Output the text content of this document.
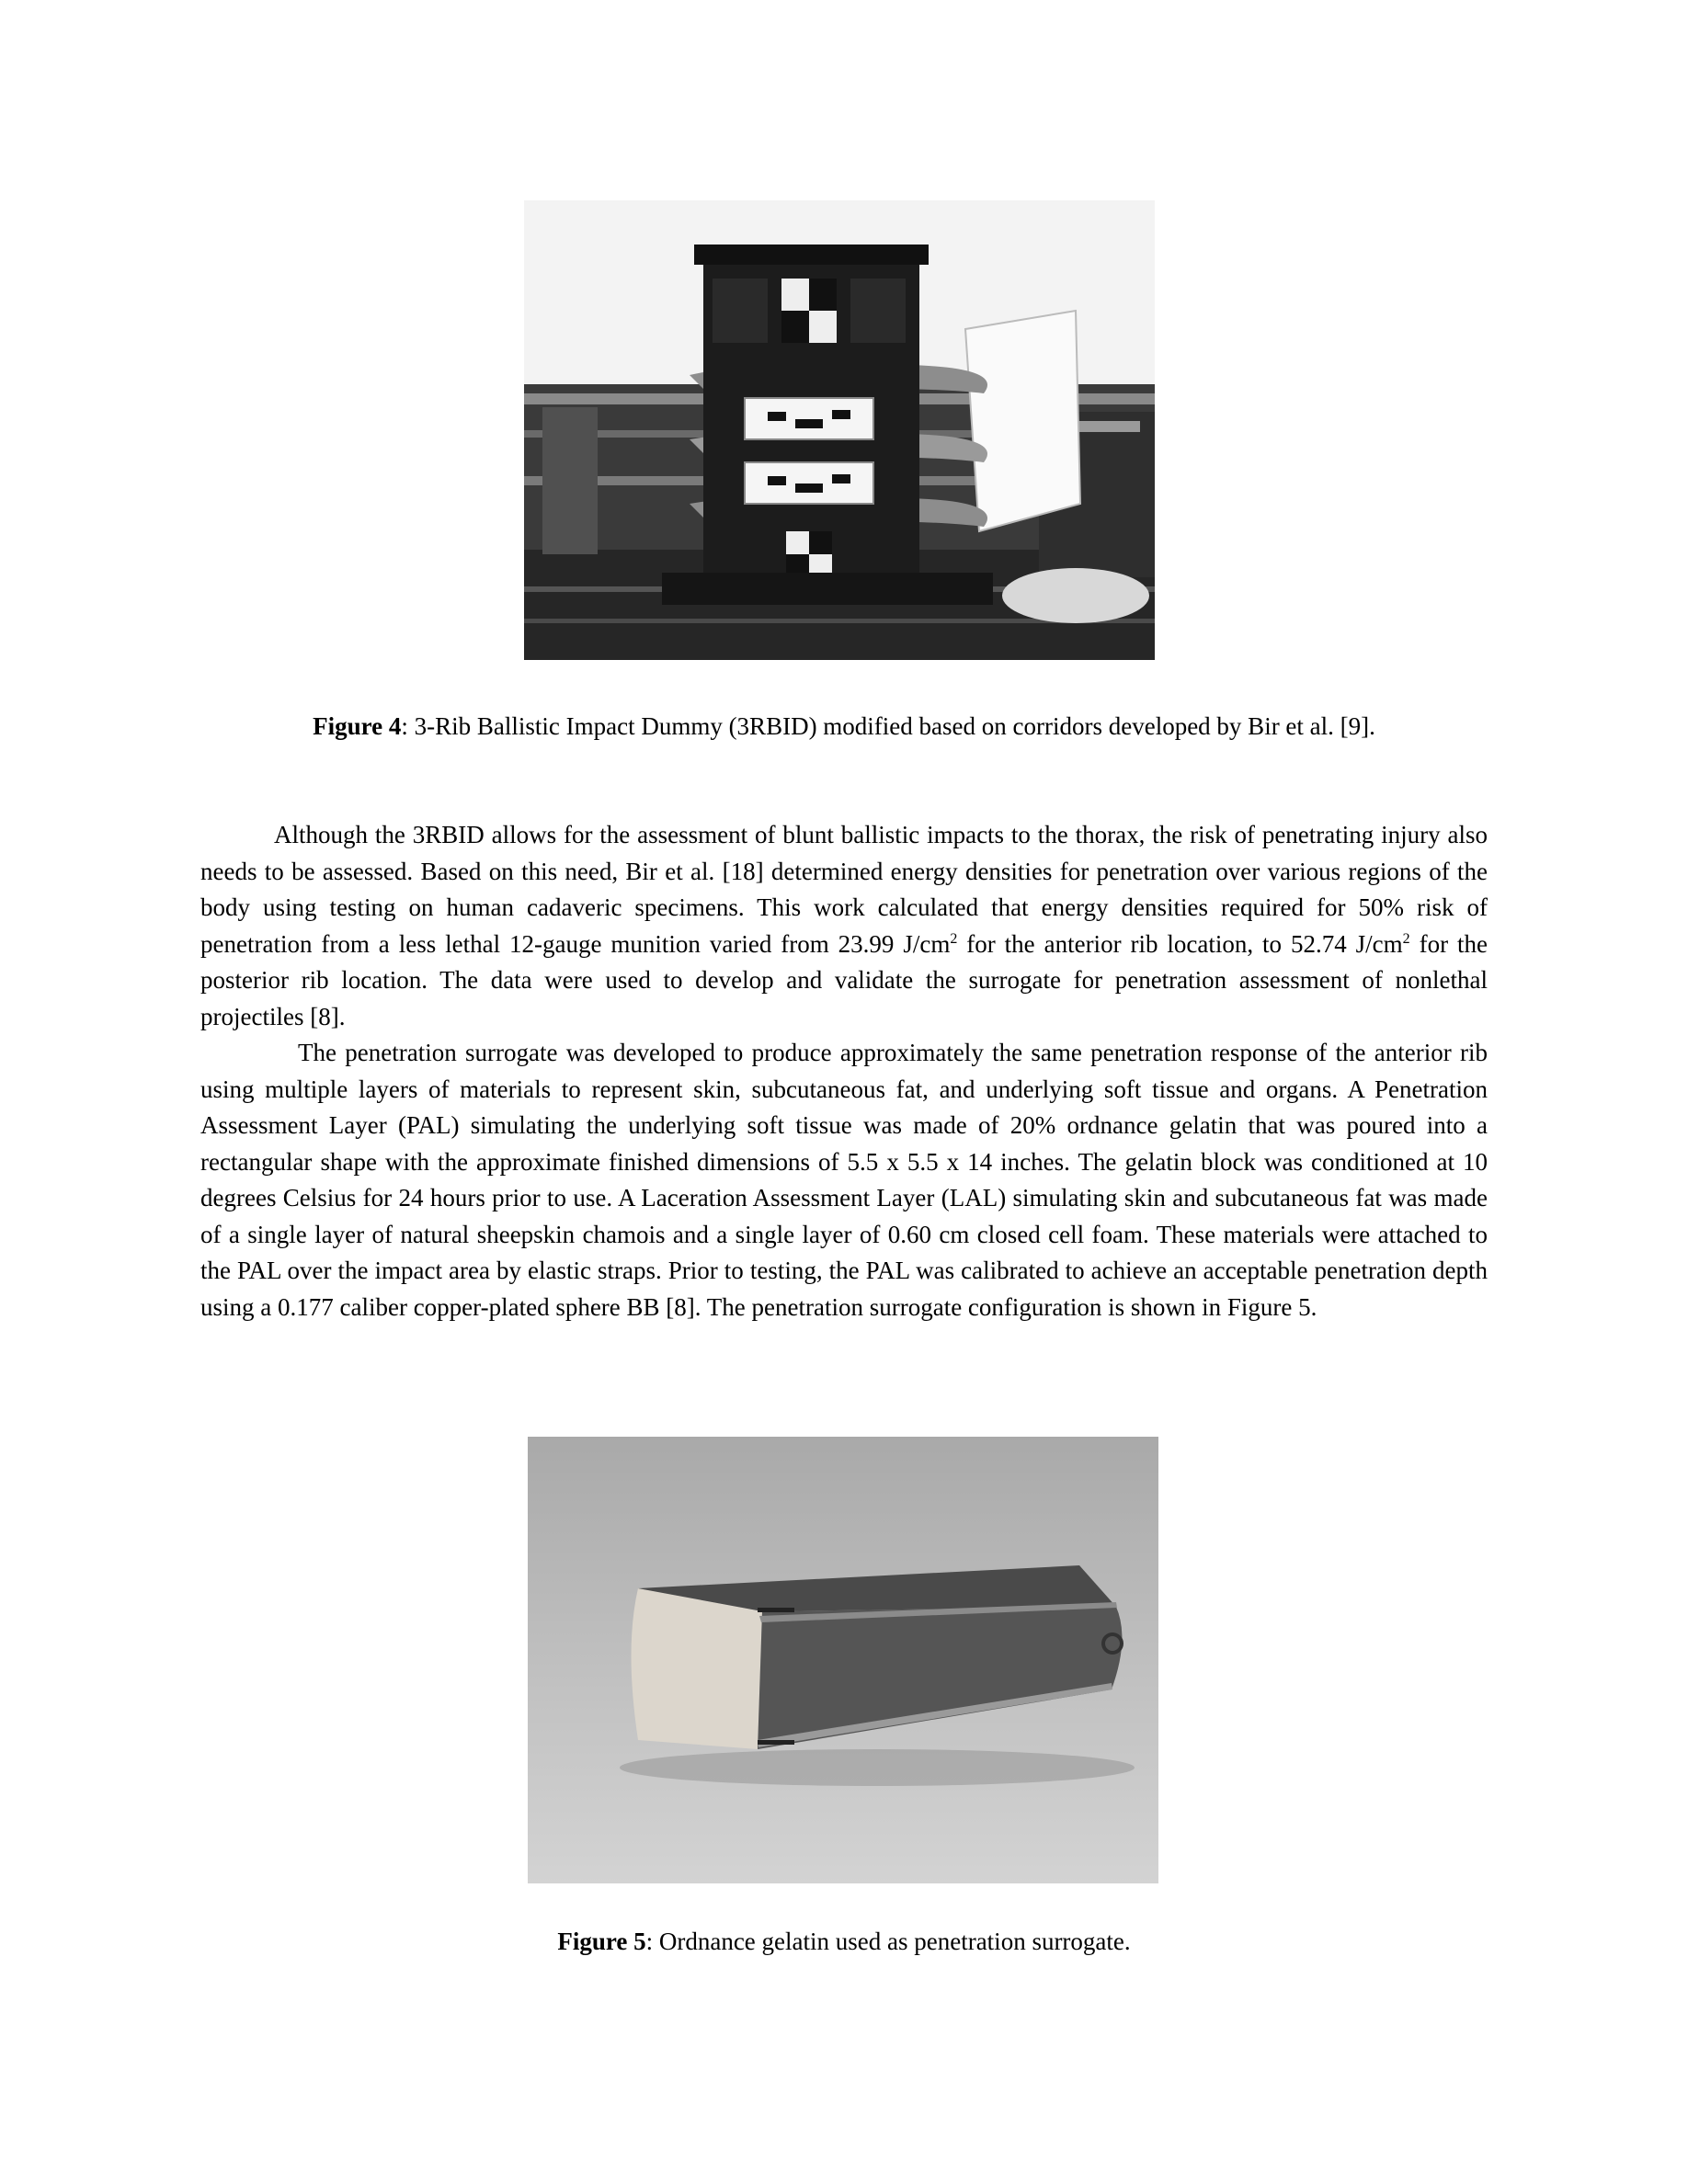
Figure 4: 3-Rib Ballistic Impact Dummy (3RBID) modified based on corridors developed by Bir et al. [9].

Although the 3RBID allows for the assessment of blunt ballistic impacts to the thorax, the risk of penetrating injury also needs to be assessed. Based on this need, Bir et al. [18] determined energy densities for penetration over various regions of the body using testing on human cadaveric specimens. This work calculated that energy densities required for 50% risk of penetration from a less lethal 12-gauge munition varied from 23.99 $J/cm^2$ for the anterior rib location, to 52.74 $J/cm^2$ for the posterior rib location. The data were used to develop and validate the surrogate for penetration assessment of nonlethal projectiles [8].

The penetration surrogate was developed to produce approximately the same penetration response of the anterior rib using multiple layers of materials to represent skin, subcutaneous fat, and underlying soft tissue and organs. A Penetration Assessment Layer (PAL) simulating the underlying soft tissue was made of 20% ordnance gelatin that was poured into a rectangular shape with the approximate finished dimensions of 5.5 x 5.5 x 14 inches. The gelatin block was conditioned at 10 degrees Celsius for 24 hours prior to use. A Laceration Assessment Layer (LAL) simulating skin and subcutaneous fat was made of a single layer of natural sheepskin chamois and a single layer of 0.60 cm closed cell foam. These materials were attached to the PAL over the impact area by elastic straps. Prior to testing, the PAL was calibrated to achieve an acceptable penetration depth using a 0.177 caliber copper-plated sphere BB [8]. The penetration surrogate configuration is shown in Figure 5.

Figure 5: Ordnance gelatin used as penetration surrogate.
